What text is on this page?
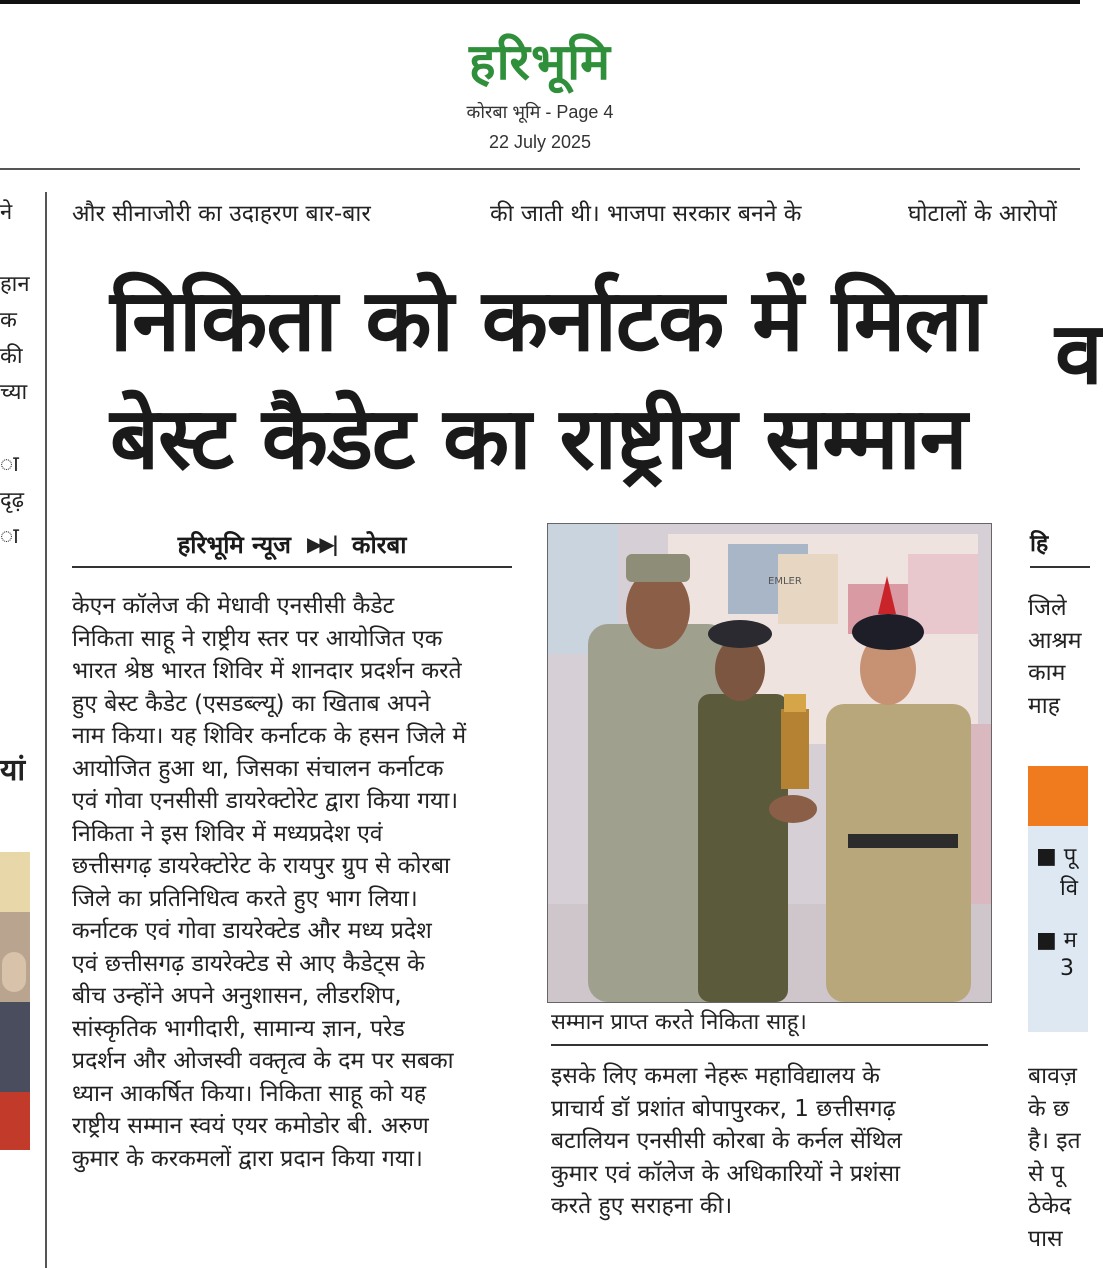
हरिभूमि
कोरबा भूमि - Page 4
22 July 2025
और सीनाजोरी का उदाहरण बार-बार	की जाती थी। भाजपा सरकार बनने के	घोटालों के आरोपों
ने
हान
क
की
च्या
ा
दृढ़
ा
यां
निकिता को कर्नाटक में मिला
बेस्ट कैडेट का राष्ट्रीय सम्मान
व
हरिभूमि न्यूज ▶▶| कोरबा

केएन कॉलेज की मेधावी एनसीसी कैडेट

निकिता साहू ने राष्ट्रीय स्तर पर आयोजित एक

भारत श्रेष्ठ भारत शिविर में शानदार प्रदर्शन करते

हुए बेस्ट कैडेट (एसडब्ल्यू) का खिताब अपने

नाम किया। यह शिविर कर्नाटक के हसन जिले में

आयोजित हुआ था, जिसका संचालन कर्नाटक

एवं गोवा एनसीसी डायरेक्टोरेट द्वारा किया गया।

निकिता ने इस शिविर में मध्यप्रदेश एवं

छत्तीसगढ़ डायरेक्टोरेट के रायपुर ग्रुप से कोरबा

जिले का प्रतिनिधित्व करते हुए भाग लिया।

कर्नाटक एवं गोवा डायरेक्टेड और मध्य प्रदेश

एवं छत्तीसगढ़ डायरेक्टेड से आए कैडेट्स के

बीच उन्होंने अपने अनुशासन, लीडरशिप,

सांस्कृतिक भागीदारी, सामान्य ज्ञान, परेड

प्रदर्शन और ओजस्वी वक्तृत्व के दम पर सबका

ध्यान आकर्षित किया। निकिता साहू को यह

राष्ट्रीय सम्मान स्वयं एयर कमोडोर बी. अरुण

कुमार के करकमलों द्वारा प्रदान किया गया।

EMLER
सम्मान प्राप्त करते निकिता साहू।

इसके लिए कमला नेहरू महाविद्यालय के

प्राचार्य डॉ प्रशांत बोपापुरकर, 1 छत्तीसगढ़

बटालियन एनसीसी कोरबा के कर्नल सेंथिल

कुमार एवं कॉलेज के अधिकारियों ने प्रशंसा

करते हुए सराहना की।

हि

जिले

आश्रम

काम

माह

■ पू
वि
■ म
3

बावज़

के छ

है। इत

से पू

ठेकेद

पास
